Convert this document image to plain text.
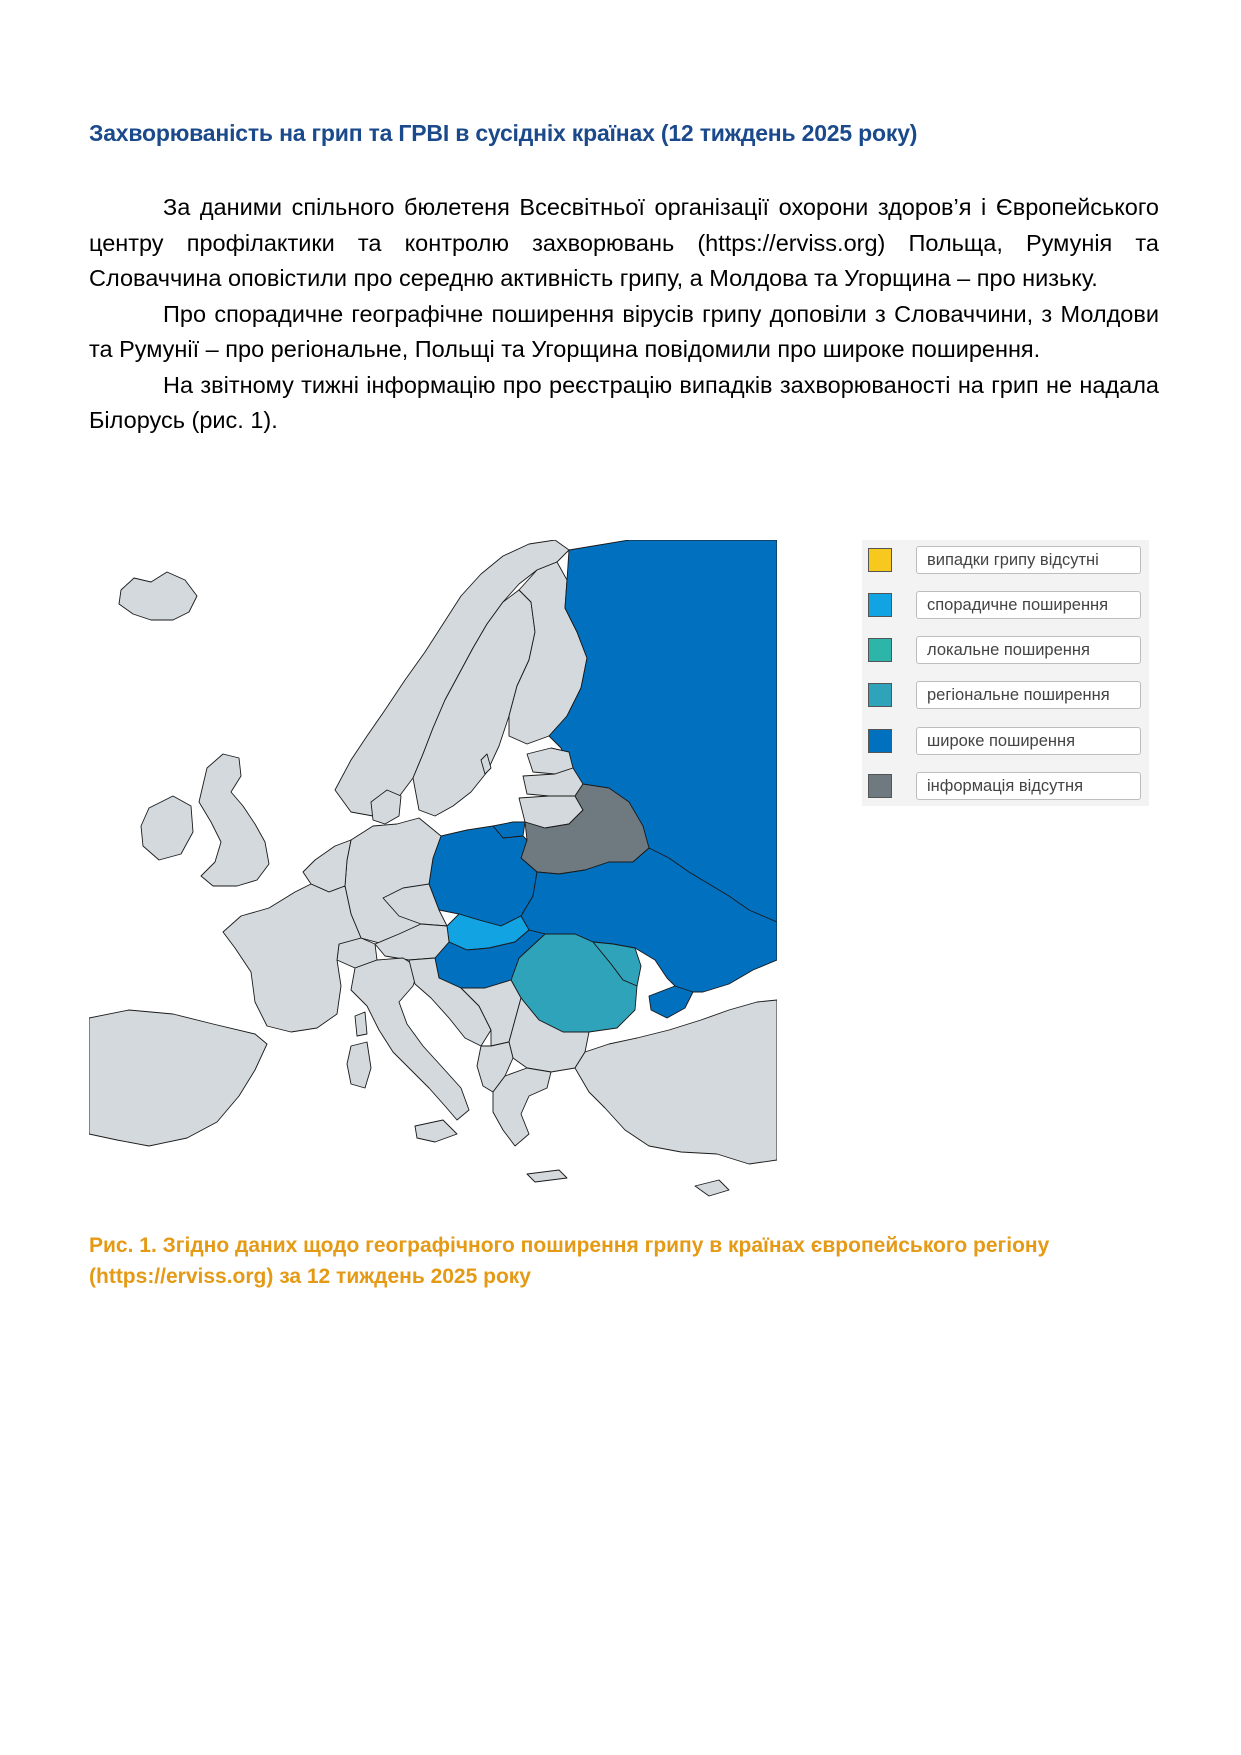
Захворюваність на грип та ГРВІ в сусідніх країнах (12 тиждень 2025 року)

За даними спільного бюлетеня Всесвітньої організації охорони здоров’я і Європейського центру профілактики та контролю захворювань (https://erviss.org) Польща, Румунія та Словаччина оповістили про середню активність грипу, а Молдова та Угорщина – про низьку.

Про спорадичне географічне поширення вірусів грипу доповіли з Словаччини, з Молдови та Румунії – про регіональне, Польщі та Угорщина повідомили про широке поширення.

На звітному тижні інформацію про реєстрацію випадків захворюваності на грип не надала Білорусь (рис. 1).

випадки грипу відсутні
спорадичне поширення
локальне поширення
регіональне поширення
широке поширення
інформація відсутня
Рис. 1. Згідно даних щодо географічного поширення грипу в країнах європейського регіону
(https://erviss.org) за 12 тиждень 2025 року
